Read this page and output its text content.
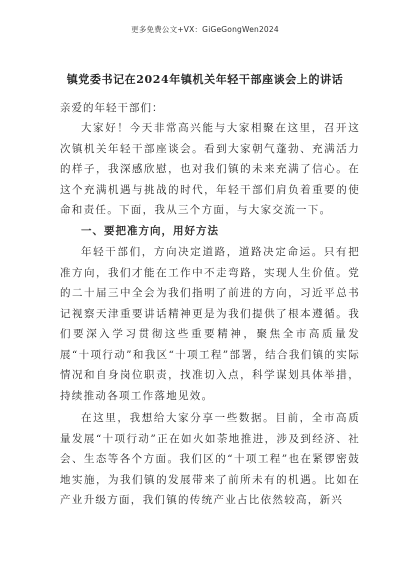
更多免费公文+VX：GiGeGongWen2024
镇党委书记在2024年镇机关年轻干部座谈会上的讲话
亲爱的年轻干部们：

大家好！今天非常高兴能与大家相聚在这里，召开这次镇机关年轻干部座谈会。看到大家朝气蓬勃、充满活力的样子，我深感欣慰，也对我们镇的未来充满了信心。在这个充满机遇与挑战的时代，年轻干部们肩负着重要的使命和责任。下面，我从三个方面，与大家交流一下。

一、要把准方向，用好方法

年轻干部们，方向决定道路，道路决定命运。只有把准方向，我们才能在工作中不走弯路，实现人生价值。党的二十届三中全会为我们指明了前进的方向，习近平总书记视察天津重要讲话精神更是为我们提供了根本遵循。我们要深入学习贯彻这些重要精神，聚焦全市高质量发展“十项行动”和我区“十项工程”部署，结合我们镇的实际情况和自身岗位职责，找准切入点，科学谋划具体举措，持续推动各项工作落地见效。

在这里，我想给大家分享一些数据。目前，全市高质量发展“十项行动”正在如火如荼地推进，涉及到经济、社会、生态等各个方面。我们区的“十项工程”也在紧锣密鼓地实施，为我们镇的发展带来了前所未有的机遇。比如在产业升级方面，我们镇的传统产业占比依然较高，新兴
